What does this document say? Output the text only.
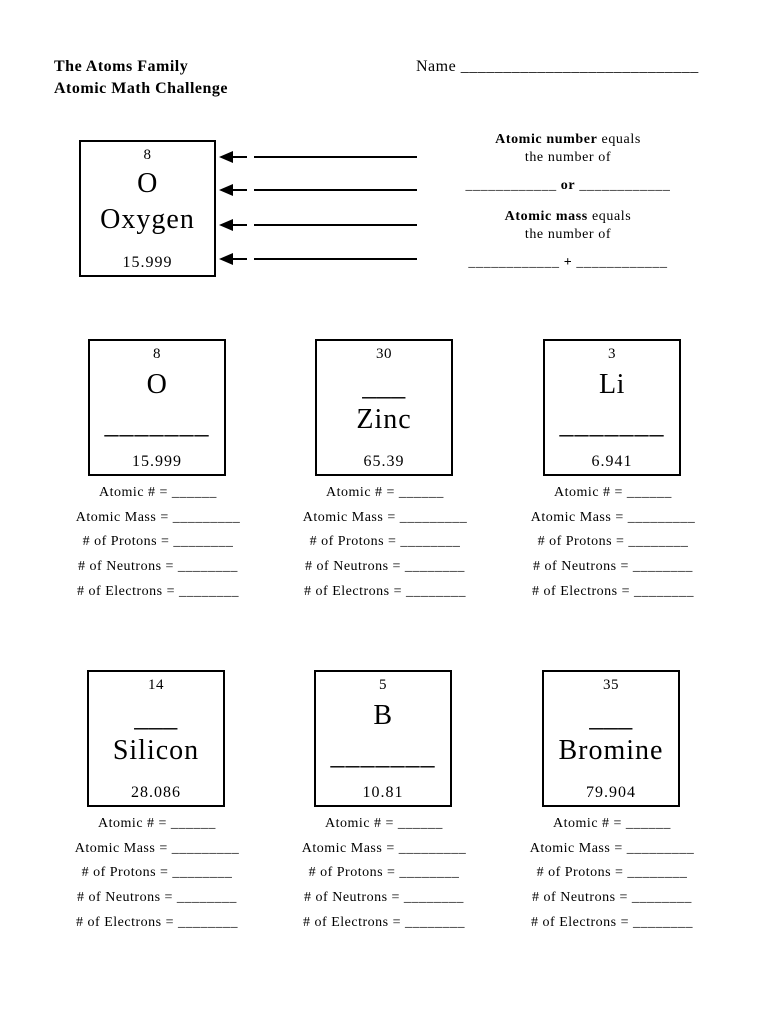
The Atoms Family
Atomic Math Challenge
Name ____________________________
8
O
Oxygen
15.999
Atomic number equals
the number of
____________ or ____________
Atomic mass equals
the number of
____________ + ____________
8
O
_______
15.999
30
___
Zinc
65.39
3
Li
_______
6.941
Atomic # = ______
Atomic Mass = _________
# of Protons = ________
# of Neutrons = ________
# of Electrons = ________
Atomic # = ______
Atomic Mass = _________
# of Protons = ________
# of Neutrons = ________
# of Electrons = ________
Atomic # = ______
Atomic Mass = _________
# of Protons = ________
# of Neutrons = ________
# of Electrons = ________
14
___
Silicon
28.086
5
B
_______
10.81
35
___
Bromine
79.904
Atomic # = ______
Atomic Mass = _________
# of Protons = ________
# of Neutrons = ________
# of Electrons = ________
Atomic # = ______
Atomic Mass = _________
# of Protons = ________
# of Neutrons = ________
# of Electrons = ________
Atomic # = ______
Atomic Mass = _________
# of Protons = ________
# of Neutrons = ________
# of Electrons = ________
